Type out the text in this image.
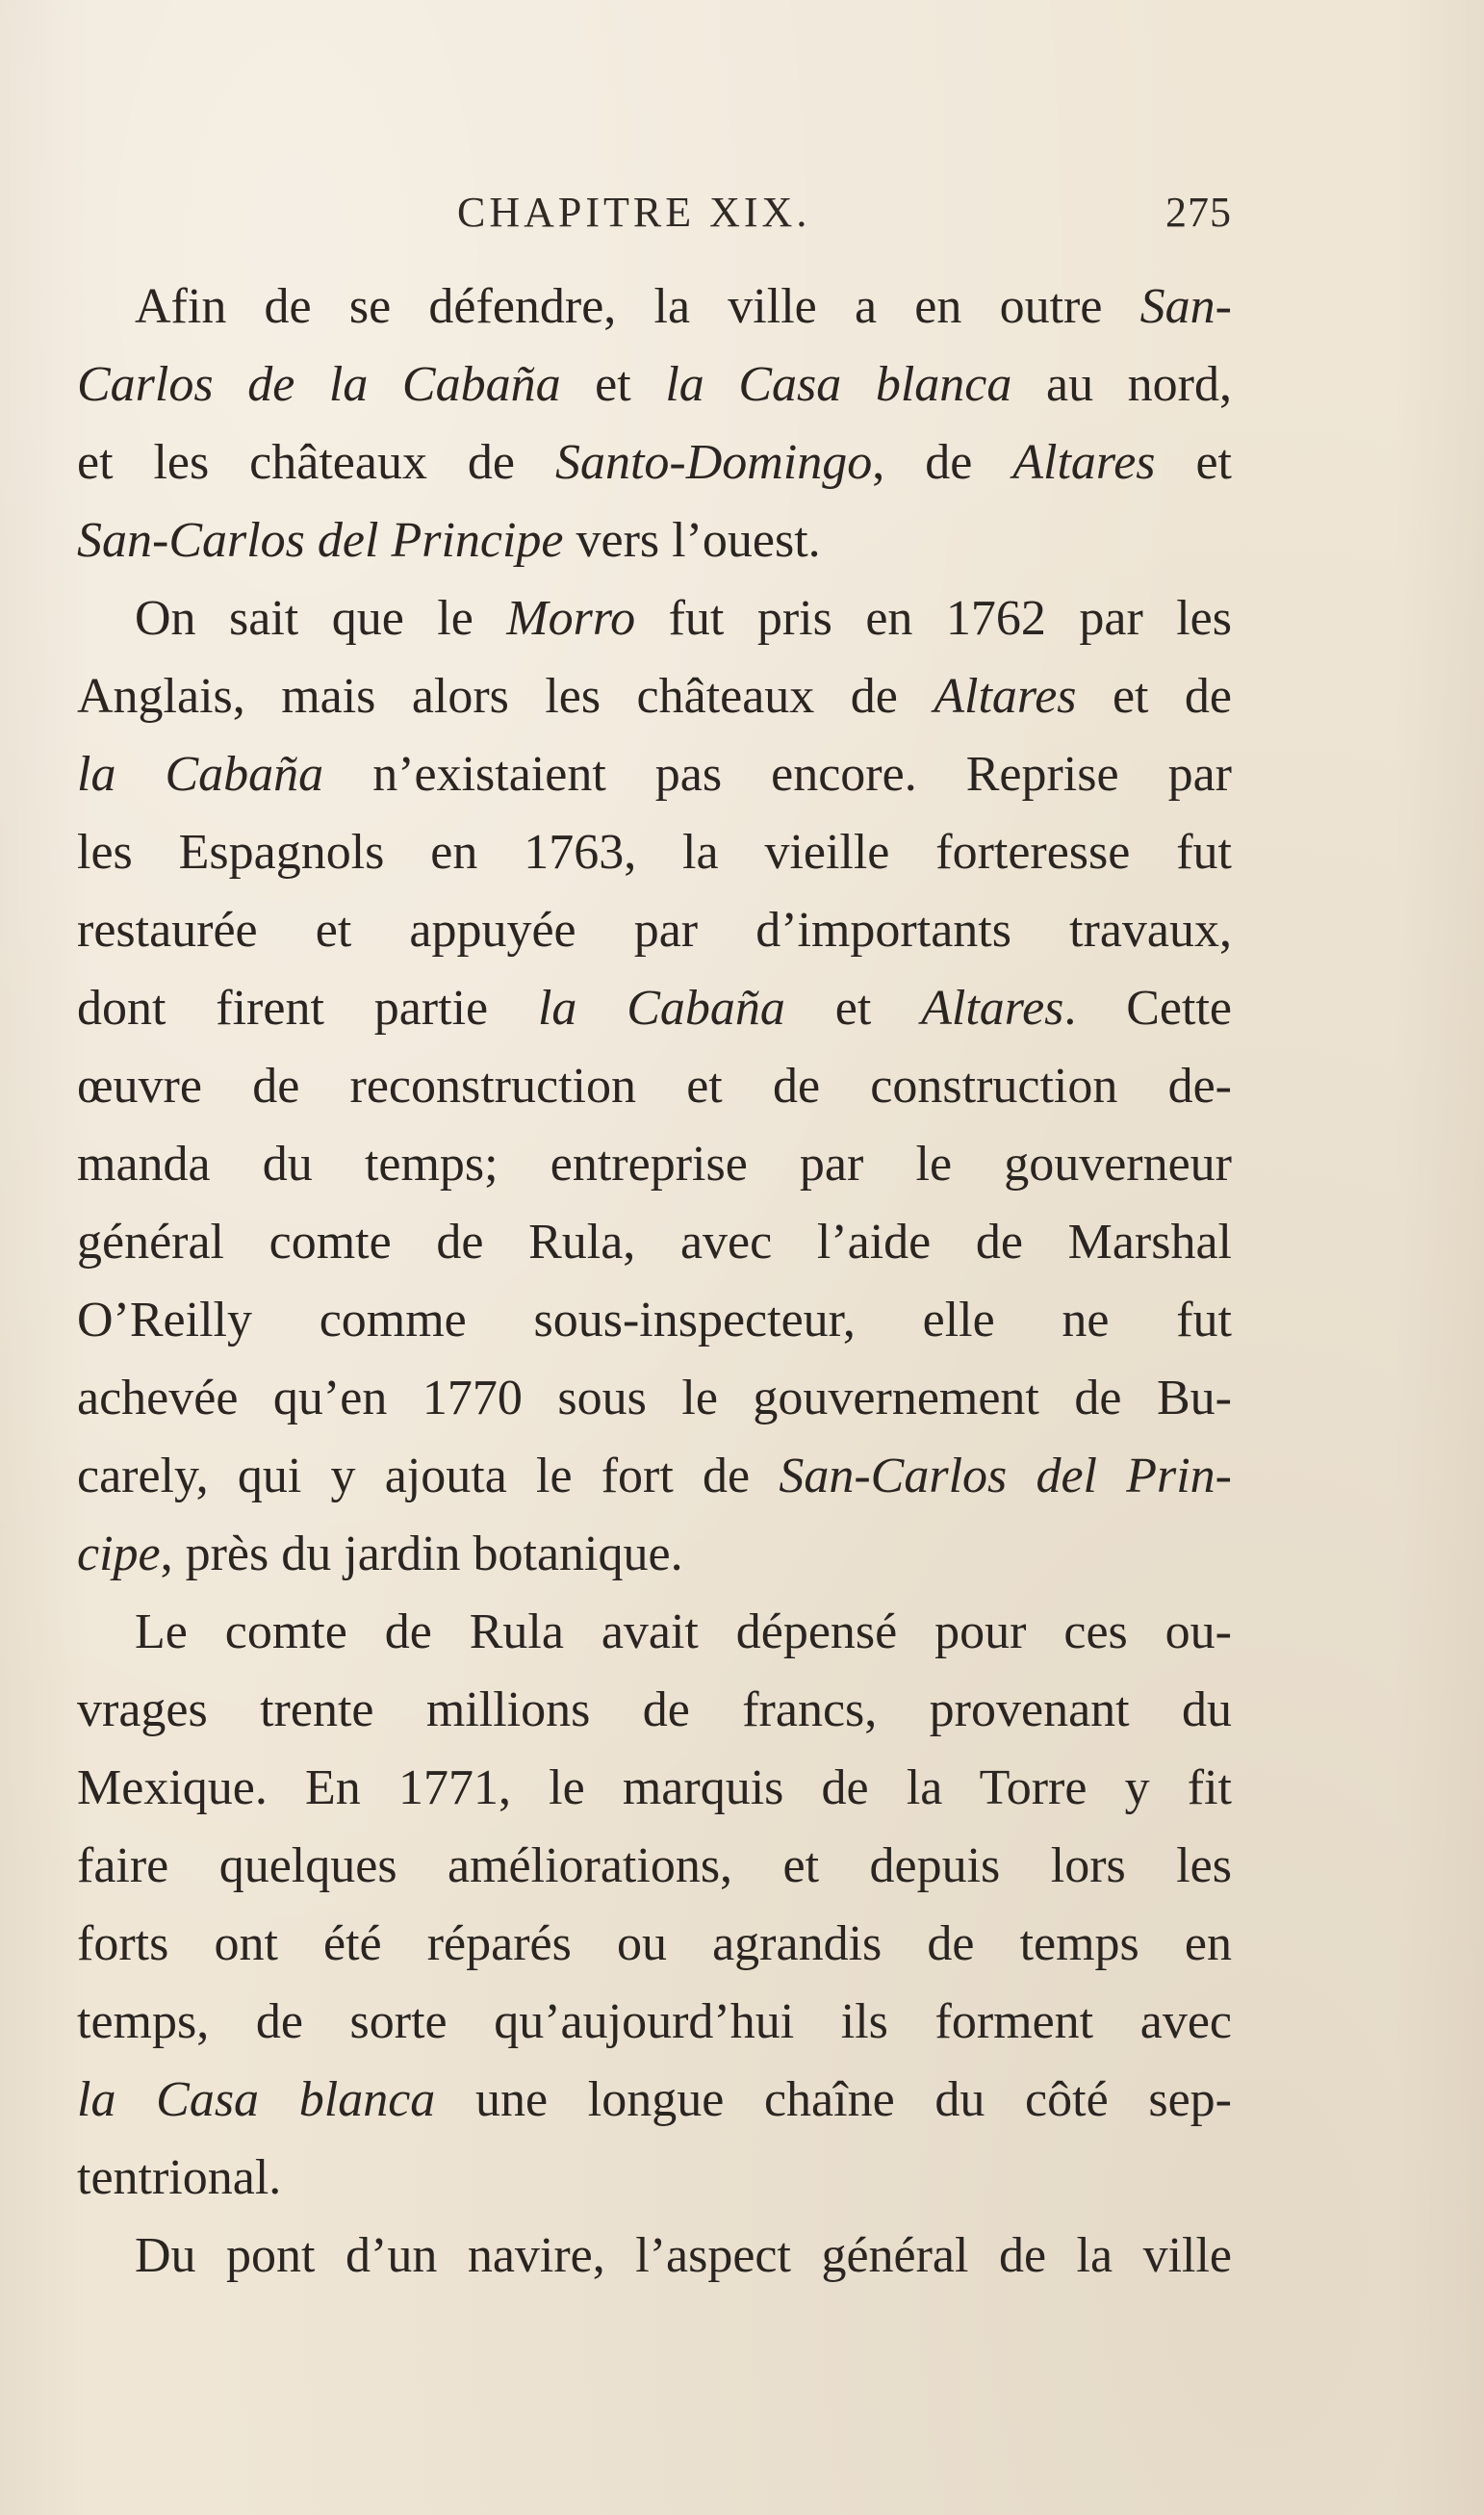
CHAPITRE XIX.	275
Afin de se défendre, la ville a en outre San-
Carlos de la Cabaña et la Casa blanca au nord,
et les châteaux de Santo-Domingo, de Altares et
San-Carlos del Principe vers l’ouest.
On sait que le Morro fut pris en 1762 par les
Anglais, mais alors les châteaux de Altares et de
la Cabaña n’existaient pas encore. Reprise par
les Espagnols en 1763, la vieille forteresse fut
restaurée et appuyée par d’importants travaux,
dont firent partie la Cabaña et Altares. Cette
œuvre de reconstruction et de construction de-
manda du temps; entreprise par le gouverneur
général comte de Rula, avec l’aide de Marshal
O’Reilly comme sous-inspecteur, elle ne fut
achevée qu’en 1770 sous le gouvernement de Bu-
carely, qui y ajouta le fort de San-Carlos del Prin-
cipe, près du jardin botanique.
Le comte de Rula avait dépensé pour ces ou-
vrages trente millions de francs, provenant du
Mexique. En 1771, le marquis de la Torre y fit
faire quelques améliorations, et depuis lors les
forts ont été réparés ou agrandis de temps en
temps, de sorte qu’aujourd’hui ils forment avec
la Casa blanca une longue chaîne du côté sep-
tentrional.
Du pont d’un navire, l’aspect général de la ville
